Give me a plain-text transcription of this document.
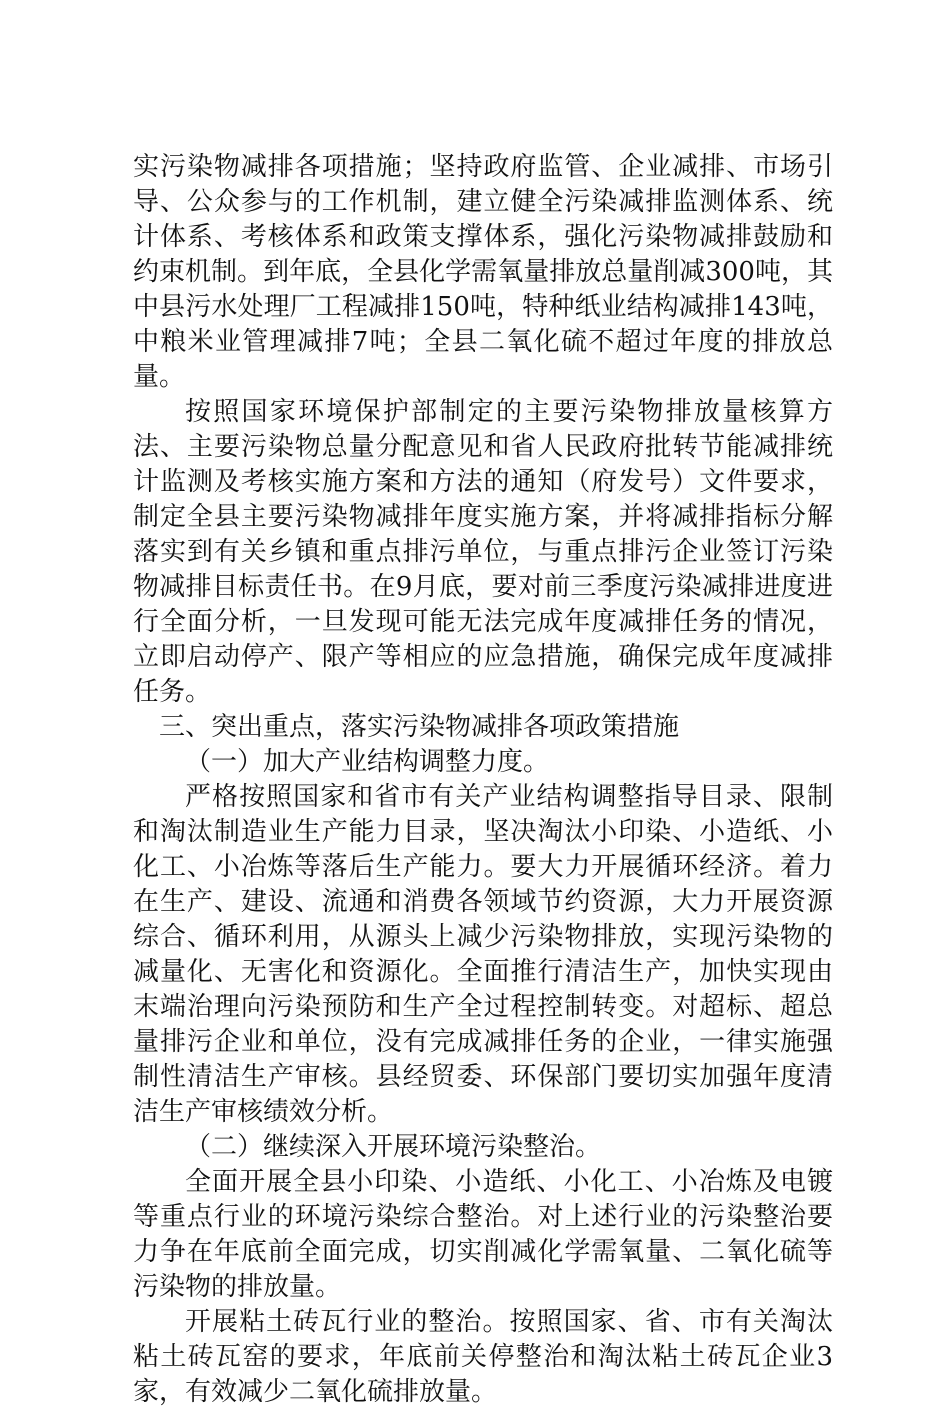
实污染物减排各项措施；坚持政府监管、企业减排、市场引导、公众参与的工作机制，建立健全污染减排监测体系、统计体系、考核体系和政策支撑体系，强化污染物减排鼓励和约束机制。到年底，全县化学需氧量排放总量削减300吨，其中县污水处理厂工程减排150吨，特种纸业结构减排143吨，中粮米业管理减排7吨；全县二氧化硫不超过年度的排放总量。

按照国家环境保护部制定的主要污染物排放量核算方法、主要污染物总量分配意见和省人民政府批转节能减排统计监测及考核实施方案和方法的通知（府发号）文件要求，制定全县主要污染物减排年度实施方案，并将减排指标分解落实到有关乡镇和重点排污单位，与重点排污企业签订污染物减排目标责任书。在9月底，要对前三季度污染减排进度进行全面分析，一旦发现可能无法完成年度减排任务的情况，立即启动停产、限产等相应的应急措施，确保完成年度减排任务。

三、突出重点，落实污染物减排各项政策措施

（一）加大产业结构调整力度。

严格按照国家和省市有关产业结构调整指导目录、限制和淘汰制造业生产能力目录，坚决淘汰小印染、小造纸、小化工、小冶炼等落后生产能力。要大力开展循环经济。着力在生产、建设、流通和消费各领域节约资源，大力开展资源综合、循环利用，从源头上减少污染物排放，实现污染物的减量化、无害化和资源化。全面推行清洁生产，加快实现由末端治理向污染预防和生产全过程控制转变。对超标、超总量排污企业和单位，没有完成减排任务的企业，一律实施强制性清洁生产审核。县经贸委、环保部门要切实加强年度清洁生产审核绩效分析。

（二）继续深入开展环境污染整治。

全面开展全县小印染、小造纸、小化工、小冶炼及电镀等重点行业的环境污染综合整治。对上述行业的污染整治要力争在年底前全面完成，切实削减化学需氧量、二氧化硫等污染物的排放量。

开展粘土砖瓦行业的整治。按照国家、省、市有关淘汰粘土砖瓦窑的要求，年底前关停整治和淘汰粘土砖瓦企业3家，有效减少二氧化硫排放量。
